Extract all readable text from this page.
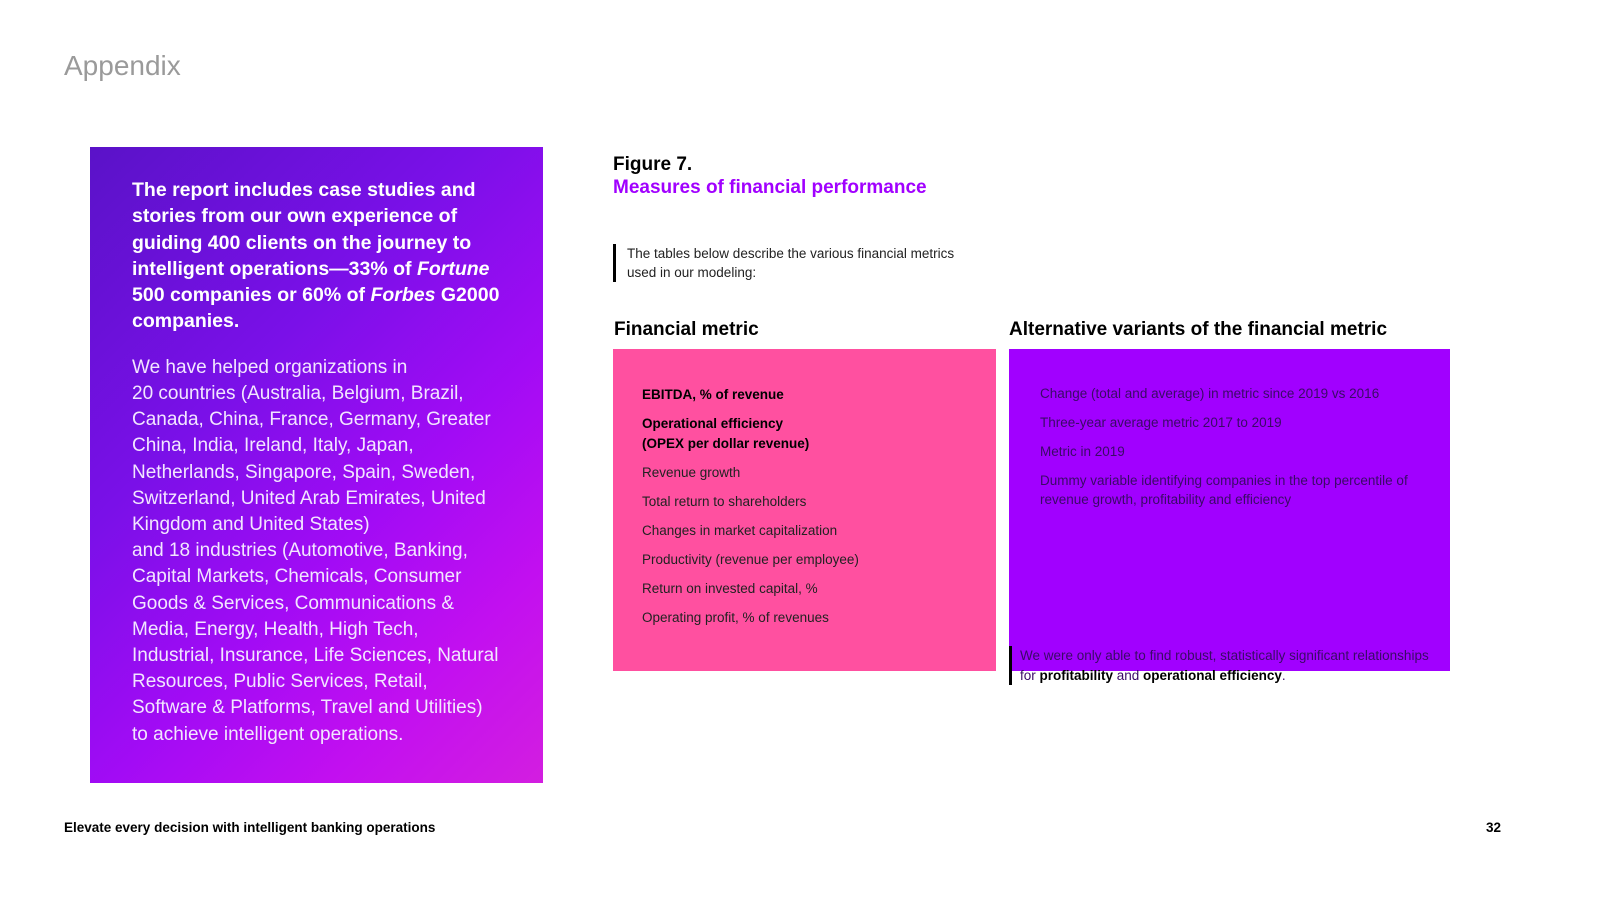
Appendix

The report includes case studies and stories from our own experience of guiding 400 clients on the journey to intelligent operations—33% of Fortune 500 companies or 60% of Forbes G2000 companies.

We have helped organizations in
20 countries (Australia, Belgium, Brazil, Canada, China, France, Germany, Greater China, India, Ireland, Italy, Japan, Netherlands, Singapore, Spain, Sweden, Switzerland, United Arab Emirates, United Kingdom and United States)
and 18 industries (Automotive, Banking, Capital Markets, Chemicals, Consumer Goods & Services, Communications & Media, Energy, Health, High Tech, Industrial, Insurance, Life Sciences, Natural Resources, Public Services, Retail, Software & Platforms, Travel and Utilities) to achieve intelligent operations.
Figure 7.
Measures of financial performance
The tables below describe the various financial metrics used in our modeling:
Financial metric	Alternative variants of the financial metric
EBITDA, % of revenue
Operational efficiency
(OPEX per dollar revenue)
Revenue growth
Total return to shareholders
Changes in market capitalization
Productivity (revenue per employee)
Return on invested capital, %
Operating profit, % of revenues
Change (total and average) in metric since 2019 vs 2016
Three-year average metric 2017 to 2019
Metric in 2019
Dummy variable identifying companies in the top percentile of revenue growth, profitability and efficiency
We were only able to find robust, statistically significant relationships for profitability and operational efficiency.
Elevate every decision with intelligent banking operations	32
